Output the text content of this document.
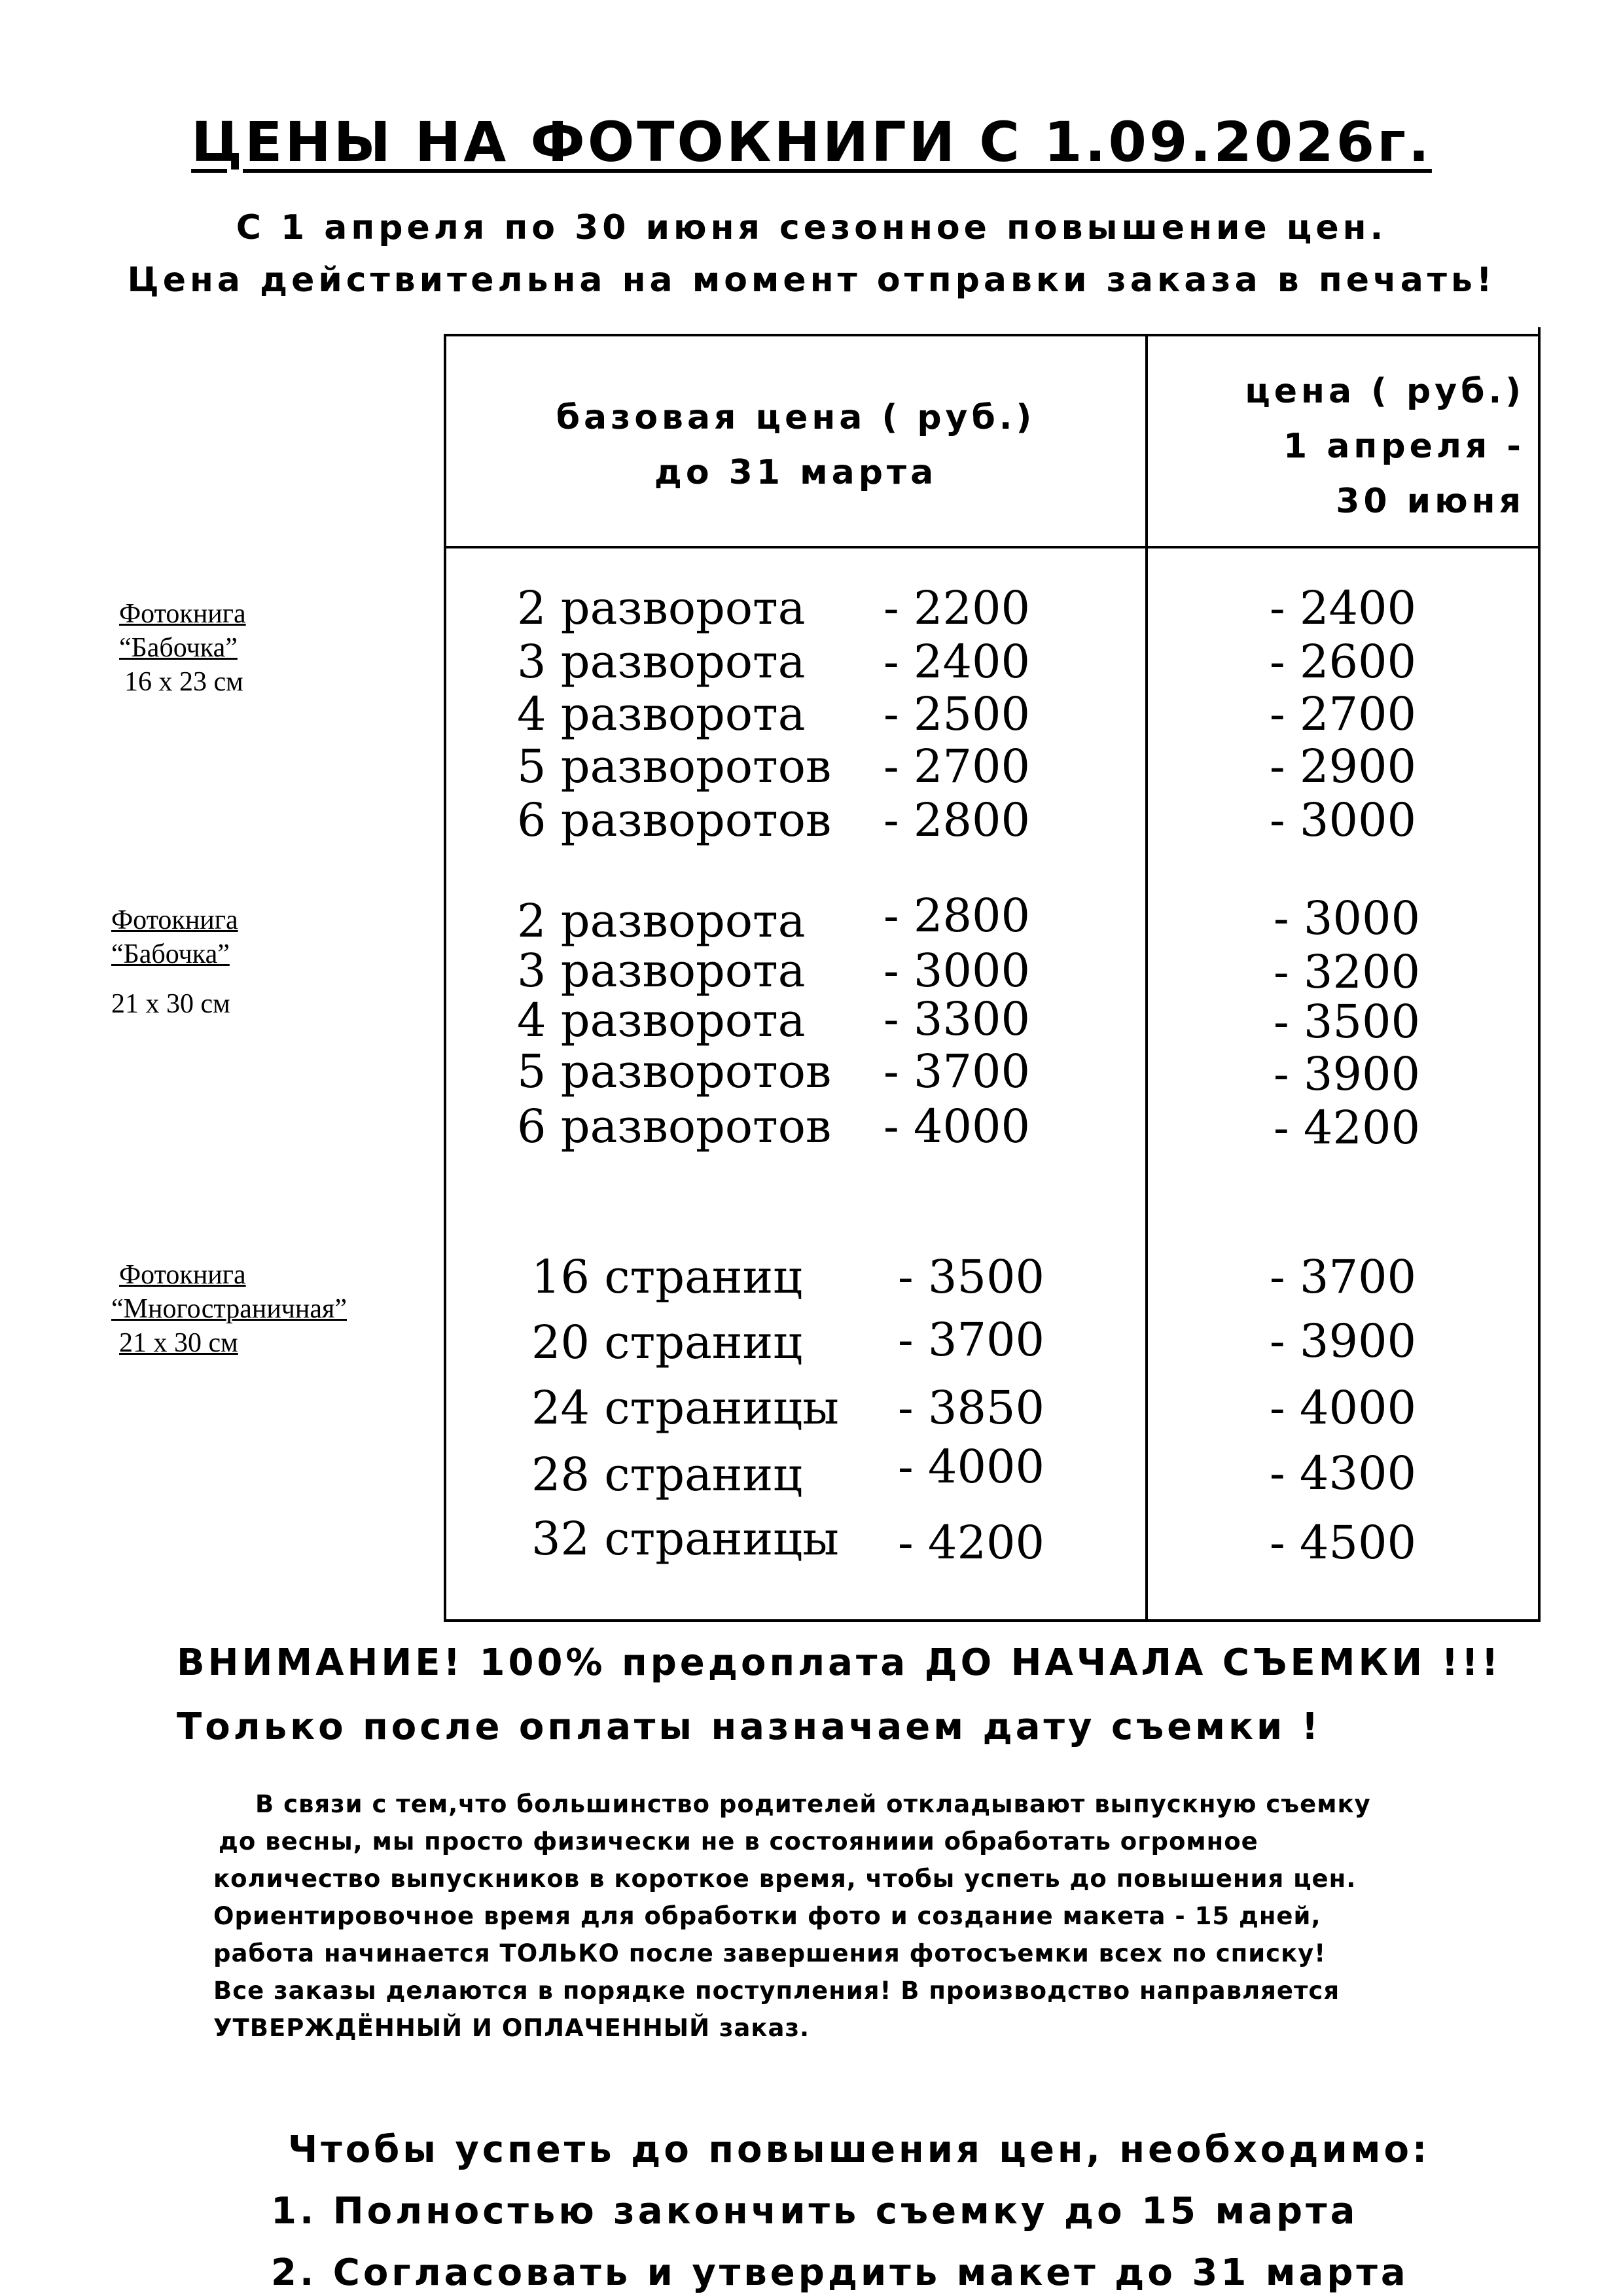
ЦЕНЫ НА ФОТОКНИГИ С 1.09.2026г.
С 1 апреля по 30 июня сезонное повышение цен.
Цена действительна на момент отправки заказа в печать!
базовая цена ( руб.)
до 31 марта
цена ( руб.)
1 апреля -
30 июня
Фотокнига
“Бабочка”
16 х 23 см
Фотокнига
“Бабочка”
21 х 30 см
Фотокнига
“Многостраничная”
21 х 30 см
2 разворота - 2200	- 2400
3 разворота - 2400	- 2600
4 разворота - 2500	- 2700
5 разворотов - 2700	- 2900
6 разворотов - 2800	- 3000
2 разворота - 2800	- 3000
3 разворота - 3000	- 3200
4 разворота - 3300	- 3500
5 разворотов - 3700	- 3900
6 разворотов - 4000	- 4200
16 страниц - 3500	- 3700
20 страниц - 3700	- 3900
24 страницы - 3850	- 4000
28 страниц - 4000	- 4300
32 страницы - 4200	- 4500
ВНИМАНИЕ! 100% предоплата ДО НАЧАЛА СЪЕМКИ !!!
Только после оплаты назначаем дату съемки !
В связи с тем,что большинство родителей откладывают выпускную съемку
до весны, мы просто физически не в состояниии обработать огромное
количество выпускников в короткое время, чтобы успеть до повышения цен.
Ориентировочное время для обработки фото и создание макета - 15 дней,
работа начинается ТОЛЬКО после завершения фотосъемки всех по списку!
Все заказы делаются в порядке поступления! В производство направляется
УТВЕРЖДЁННЫЙ И ОПЛАЧЕННЫЙ заказ.
Чтобы успеть до повышения цен, необходимо:
1. Полностью закончить съемку до 15 марта
2. Согласовать и утвердить макет до 31 марта
